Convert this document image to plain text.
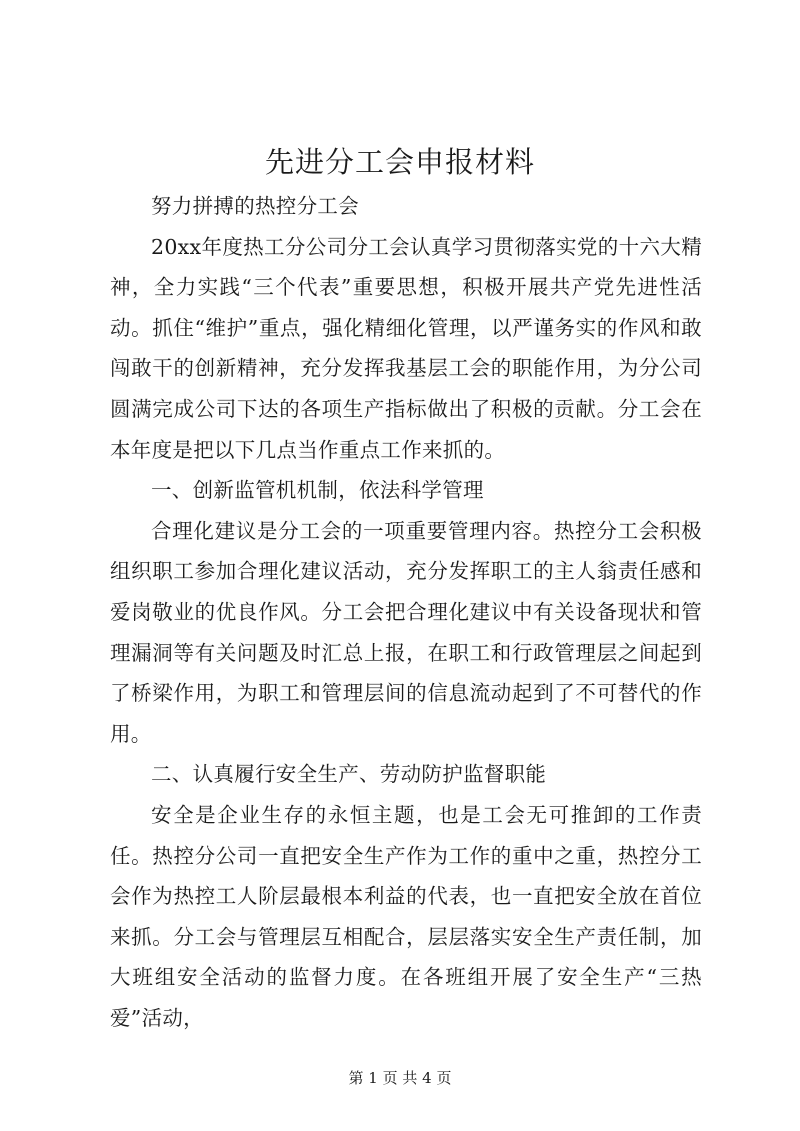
先进分工会申报材料

努力拼搏的热控分工会

20xx年度热工分公司分工会认真学习贯彻落实党的十六大精神，全力实践“三个代表”重要思想，积极开展共产党先进性活动。抓住“维护”重点，强化精细化管理，以严谨务实的作风和敢闯敢干的创新精神，充分发挥我基层工会的职能作用，为分公司圆满完成公司下达的各项生产指标做出了积极的贡献。分工会在本年度是把以下几点当作重点工作来抓的。

一、创新监管机机制，依法科学管理

合理化建议是分工会的一项重要管理内容。热控分工会积极组织职工参加合理化建议活动，充分发挥职工的主人翁责任感和爱岗敬业的优良作风。分工会把合理化建议中有关设备现状和管理漏洞等有关问题及时汇总上报，在职工和行政管理层之间起到了桥梁作用，为职工和管理层间的信息流动起到了不可替代的作用。

二、认真履行安全生产、劳动防护监督职能

安全是企业生存的永恒主题，也是工会无可推卸的工作责任。热控分公司一直把安全生产作为工作的重中之重，热控分工会作为热控工人阶层最根本利益的代表，也一直把安全放在首位来抓。分工会与管理层互相配合，层层落实安全生产责任制，加大班组安全活动的监督力度。在各班组开展了安全生产“三热爱”活动，

第 1 页 共 4 页
